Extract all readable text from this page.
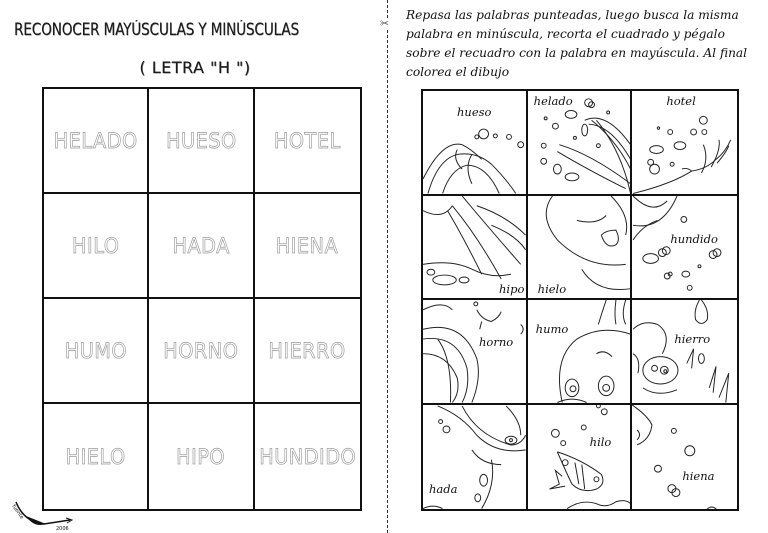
RECONOCER MAYÚSCULAS Y MINÚSCULAS
( LETRA "H ")
HELADO HUESO HOTEL
HILO	HADA HIENA
HUMO HORNO HIERRO
HIELO HIPO HUNDIDO
fuente
2006
✂
Repasa las palabras punteadas, luego busca la misma palabra en minúscula, recorta el cuadrado y pégalo sobre el recuadro con la palabra en mayúscula. Al final colorea el dibujo
hueso
helado	hotel
hipo hielo
hundido
horno
humo
hierro
hada
hilo
hiena
